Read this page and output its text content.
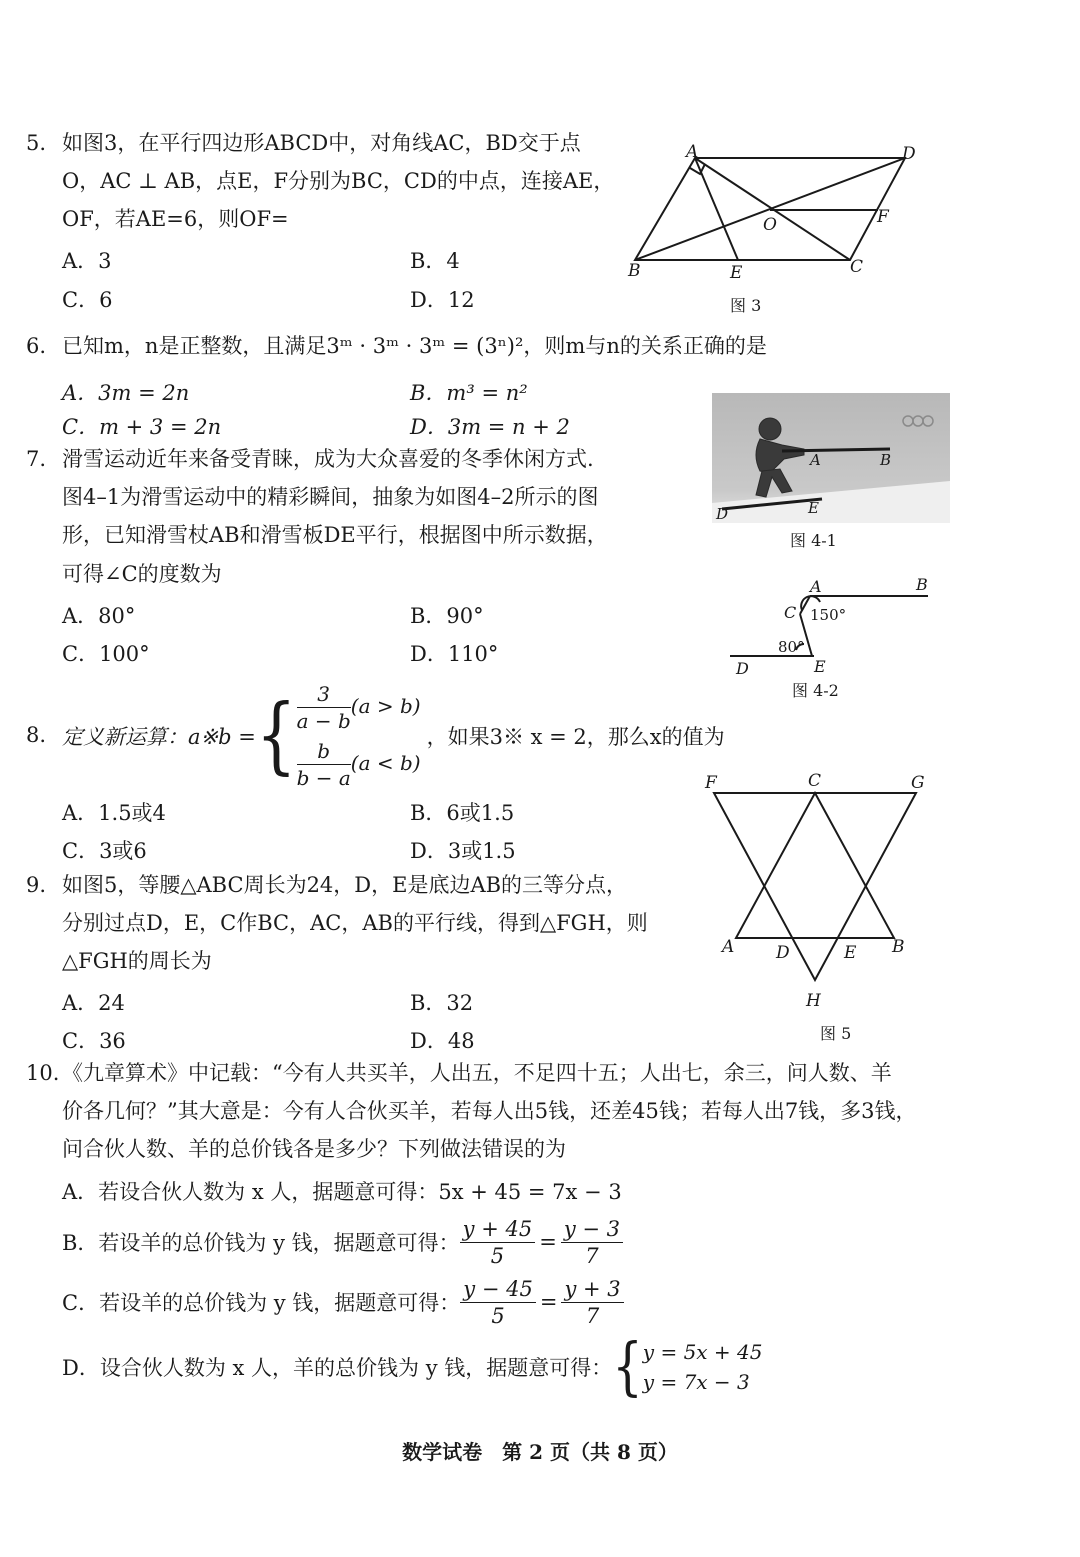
5. 如图3，在平行四边形ABCD中，对角线AC，BD交于点
O，AC ⊥ AB，点E，F分别为BC，CD的中点，连接AE，
OF，若AE=6，则OF=
A．3	B．4
C．6	D．12
A	D
O	F
B	E	C
图 3
6. 已知m，n是正整数，且满足3ᵐ · 3ᵐ · 3ᵐ = (3ⁿ)²，则m与n的关系正确的是
A．3m = 2n	B．m³ = n²
C．m + 3 = 2n	D．3m = n + 2
7. 滑雪运动近年来备受青睐，成为大众喜爱的冬季休闲方式.
图4–1为滑雪运动中的精彩瞬间，抽象为如图4–2所示的图
形，已知滑雪杖AB和滑雪板DE平行，根据图中所示数据，
可得∠C的度数为
A．80°	B．90°
C．100°	D．110°
A	B
D	E
图 4-1
A	B
C
D	E
150°
80°
图 4-2
8. 定义新运算：a※b = { $\frac{3}{a - b} (a > b)$
$\frac{b}{b - a} (a < b)$
，如果3※ x = 2，那么x的值为
A．1.5或4	B．6或1.5
C．3或6	D．3或1.5
9. 如图5，等腰△ABC周长为24，D，E是底边AB的三等分点，
分别过点D，E，C作BC，AC，AB的平行线，得到△FGH，则
△FGH的周长为
A．24	B．32
C．36	D．48
F	C	G
A D	E B
H
图 5
10. 《九章算术》中记载：“今有人共买羊，人出五，不足四十五；人出七，余三，问人数、羊
价各几何？”其大意是：今有人合伙买羊，若每人出5钱，还差45钱；若每人出7钱，多3钱，
问合伙人数、羊的总价钱各是多少？下列做法错误的为
A．若设合伙人数为 x 人，据题意可得：5x + 45 = 7x − 3
B．若设羊的总价钱为 y 钱，据题意可得： $\frac{y + 45}{5} = \frac{y - 3}{7}$
C．若设羊的总价钱为 y 钱，据题意可得： $\frac{y - 45}{5} = \frac{y + 3}{7}$
D．设合伙人数为 x 人，羊的总价钱为 y 钱，据题意可得： { y = 5x + 45
y = 7x − 3
数学试卷　第 2 页（共 8 页）
